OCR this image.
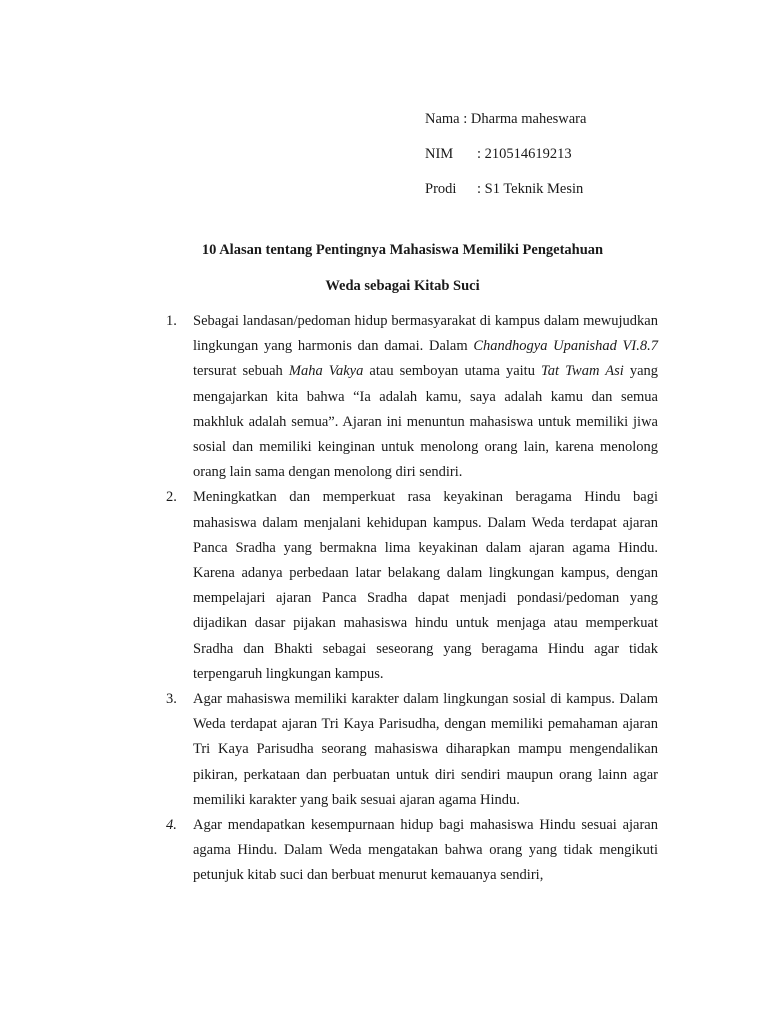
Nama : Dharma maheswara
NIM	: 210514619213
Prodi	: S1 Teknik Mesin
10 Alasan tentang Pentingnya Mahasiswa Memiliki Pengetahuan
Weda sebagai Kitab Suci
1. Sebagai landasan/pedoman hidup bermasyarakat di kampus dalam mewujudkan lingkungan yang harmonis dan damai. Dalam Chandhogya Upanishad VI.8.7 tersurat sebuah Maha Vakya atau semboyan utama yaitu Tat Twam Asi yang mengajarkan kita bahwa “Ia adalah kamu, saya adalah kamu dan semua makhluk adalah semua”. Ajaran ini menuntun mahasiswa untuk memiliki jiwa sosial dan memiliki keinginan untuk menolong orang lain, karena menolong orang lain sama dengan menolong diri sendiri.
2. Meningkatkan dan memperkuat rasa keyakinan beragama Hindu bagi mahasiswa dalam menjalani kehidupan kampus. Dalam Weda terdapat ajaran Panca Sradha yang bermakna lima keyakinan dalam ajaran agama Hindu. Karena adanya perbedaan latar belakang dalam lingkungan kampus, dengan mempelajari ajaran Panca Sradha dapat menjadi pondasi/pedoman yang dijadikan dasar pijakan mahasiswa hindu untuk menjaga atau memperkuat Sradha dan Bhakti sebagai seseorang yang beragama Hindu agar tidak terpengaruh lingkungan kampus.
3. Agar mahasiswa memiliki karakter dalam lingkungan sosial di kampus. Dalam Weda terdapat ajaran Tri Kaya Parisudha, dengan memiliki pemahaman ajaran Tri Kaya Parisudha seorang mahasiswa diharapkan mampu mengendalikan pikiran, perkataan dan perbuatan untuk diri sendiri maupun orang lainn agar memiliki karakter yang baik sesuai ajaran agama Hindu.
4. Agar mendapatkan kesempurnaan hidup bagi mahasiswa Hindu sesuai ajaran agama Hindu. Dalam Weda mengatakan bahwa orang yang tidak mengikuti petunjuk kitab suci dan berbuat menurut kemauanya sendiri,
